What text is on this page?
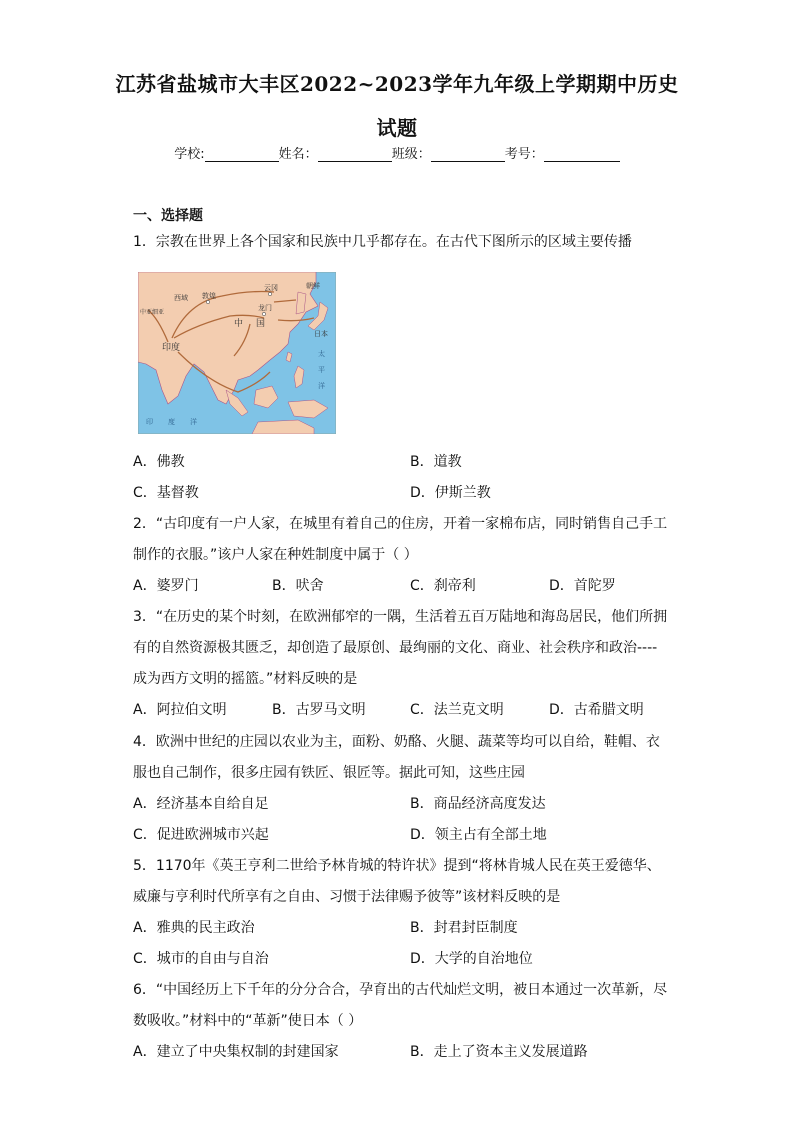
江苏省盐城市大丰区2022~2023学年九年级上学期期中历史
试题
学校:	姓名：	班级：	考号：
一、选择题
1．宗教在世界上各个国家和民族中几乎都存在。在古代下图所示的区域主要传播
西域 敦煌
云冈
龙门
朝鲜
日本
中亚细亚
中 国
印度
太
平
洋
印 度 洋
A．佛教	B．道教
C．基督教	D．伊斯兰教
2．“古印度有一户人家，在城里有着自己的住房，开着一家棉布店，同时销售自己手工
制作的衣服。”该户人家在种姓制度中属于（ ）
A．婆罗门	B．吠舍	C．刹帝利	D．首陀罗
3．“在历史的某个时刻，在欧洲郁窄的一隅，生活着五百万陆地和海岛居民，他们所拥
有的自然资源极其匮乏，却创造了最原创、最绚丽的文化、商业、社会秩序和政治----
成为西方文明的摇篮。”材料反映的是
A．阿拉伯文明	B．古罗马文明	C．法兰克文明	D．古希腊文明
4．欧洲中世纪的庄园以农业为主，面粉、奶酪、火腿、蔬菜等均可以自给，鞋帽、衣
服也自己制作，很多庄园有铁匠、银匠等。据此可知，这些庄园
A．经济基本自给自足	B．商品经济高度发达
C．促进欧洲城市兴起	D．领主占有全部土地
5．1170年《英王亨利二世给予林肯城的特许状》提到“将林肯城人民在英王爱德华、
威廉与亨利时代所享有之自由、习惯于法律赐予彼等”该材料反映的是
A．雅典的民主政治	B．封君封臣制度
C．城市的自由与自治	D．大学的自治地位
6．“中国经历上下千年的分分合合，孕育出的古代灿烂文明，被日本通过一次革新，尽
数吸收。”材料中的“革新”使日本（ ）
A．建立了中央集权制的封建国家	B．走上了资本主义发展道路
